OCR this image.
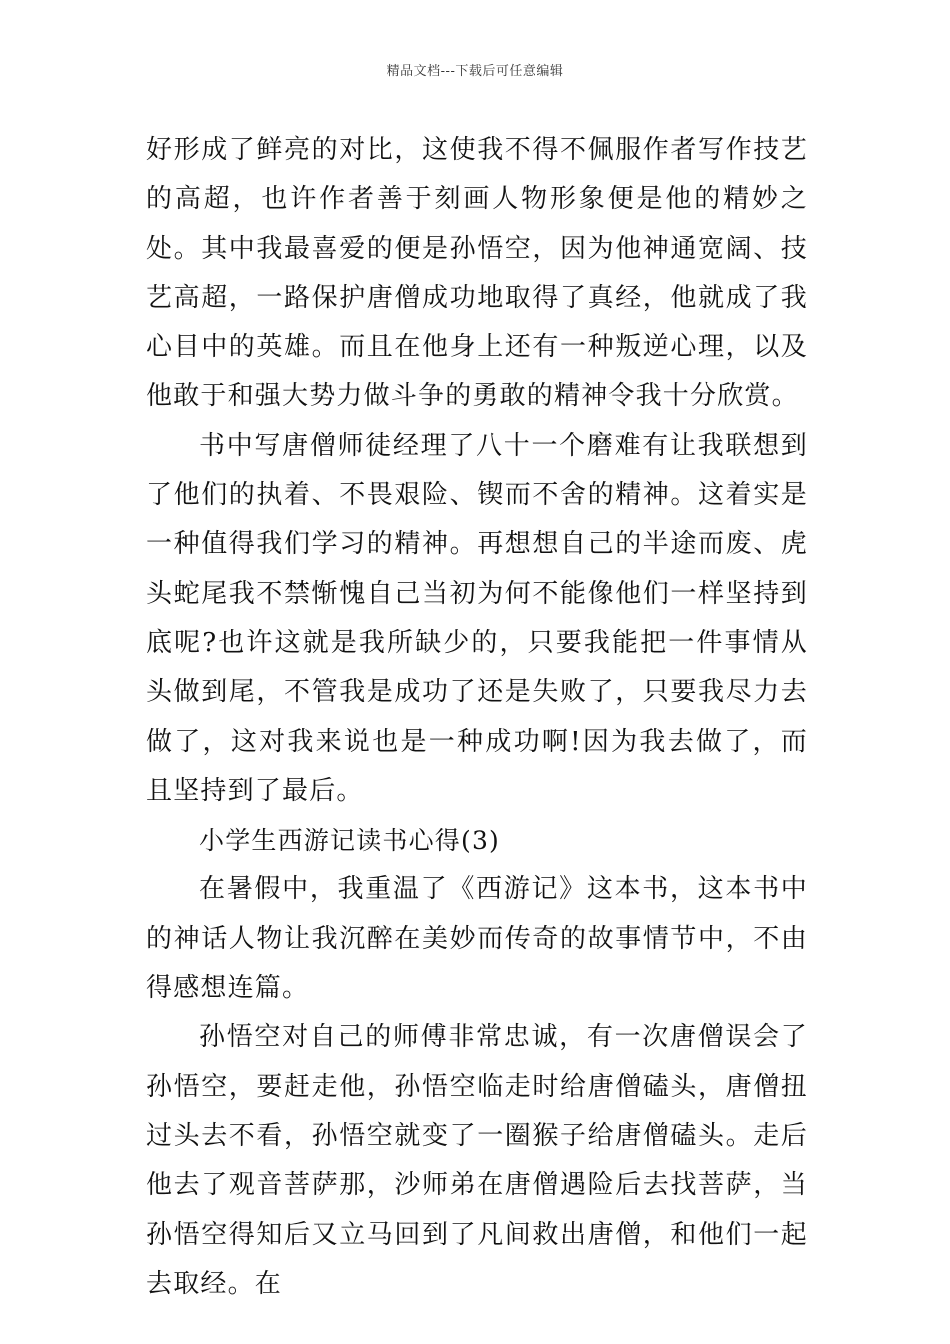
精品文档---下载后可任意编辑

好形成了鲜亮的对比，这使我不得不佩服作者写作技艺的高超，也许作者善于刻画人物形象便是他的精妙之处。其中我最喜爱的便是孙悟空，因为他神通宽阔、技艺高超，一路保护唐僧成功地取得了真经，他就成了我心目中的英雄。而且在他身上还有一种叛逆心理，以及他敢于和强大势力做斗争的勇敢的精神令我十分欣赏。

书中写唐僧师徒经理了八十一个磨难有让我联想到了他们的执着、不畏艰险、锲而不舍的精神。这着实是一种值得我们学习的精神。再想想自己的半途而废、虎头蛇尾我不禁惭愧自己当初为何不能像他们一样坚持到底呢?也许这就是我所缺少的，只要我能把一件事情从头做到尾，不管我是成功了还是失败了，只要我尽力去做了，这对我来说也是一种成功啊!因为我去做了，而且坚持到了最后。

小学生西游记读书心得(3)

在暑假中，我重温了《西游记》这本书，这本书中的神话人物让我沉醉在美妙而传奇的故事情节中，不由得感想连篇。

孙悟空对自己的师傅非常忠诚，有一次唐僧误会了孙悟空，要赶走他，孙悟空临走时给唐僧磕头，唐僧扭过头去不看，孙悟空就变了一圈猴子给唐僧磕头。走后他去了观音菩萨那，沙师弟在唐僧遇险后去找菩萨，当孙悟空得知后又立马回到了凡间救出唐僧，和他们一起去取经。在
